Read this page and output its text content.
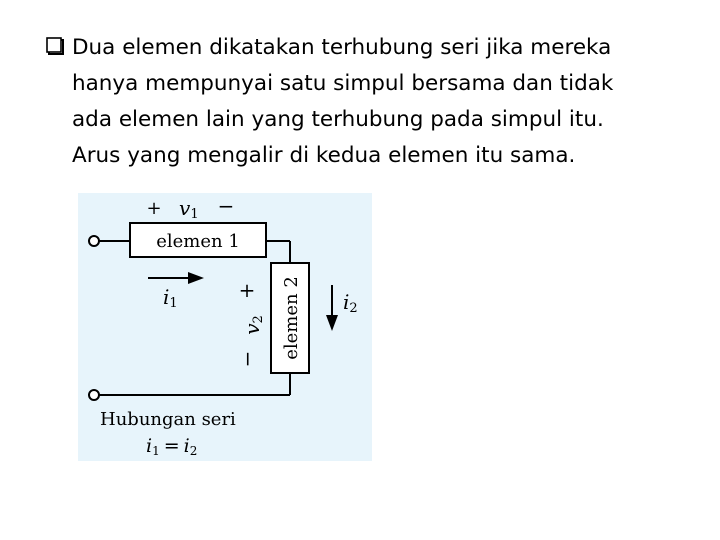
Dua elemen dikatakan terhubung seri jika mereka
hanya mempunyai satu simpul bersama dan tidak
ada elemen lain yang terhubung pada simpul itu.
Arus yang mengalir di kedua elemen itu sama.

elemen 1
+ v1 −
i1	elemen 2
+
v2
−
i2
Hubungan seri
i1 = i2
